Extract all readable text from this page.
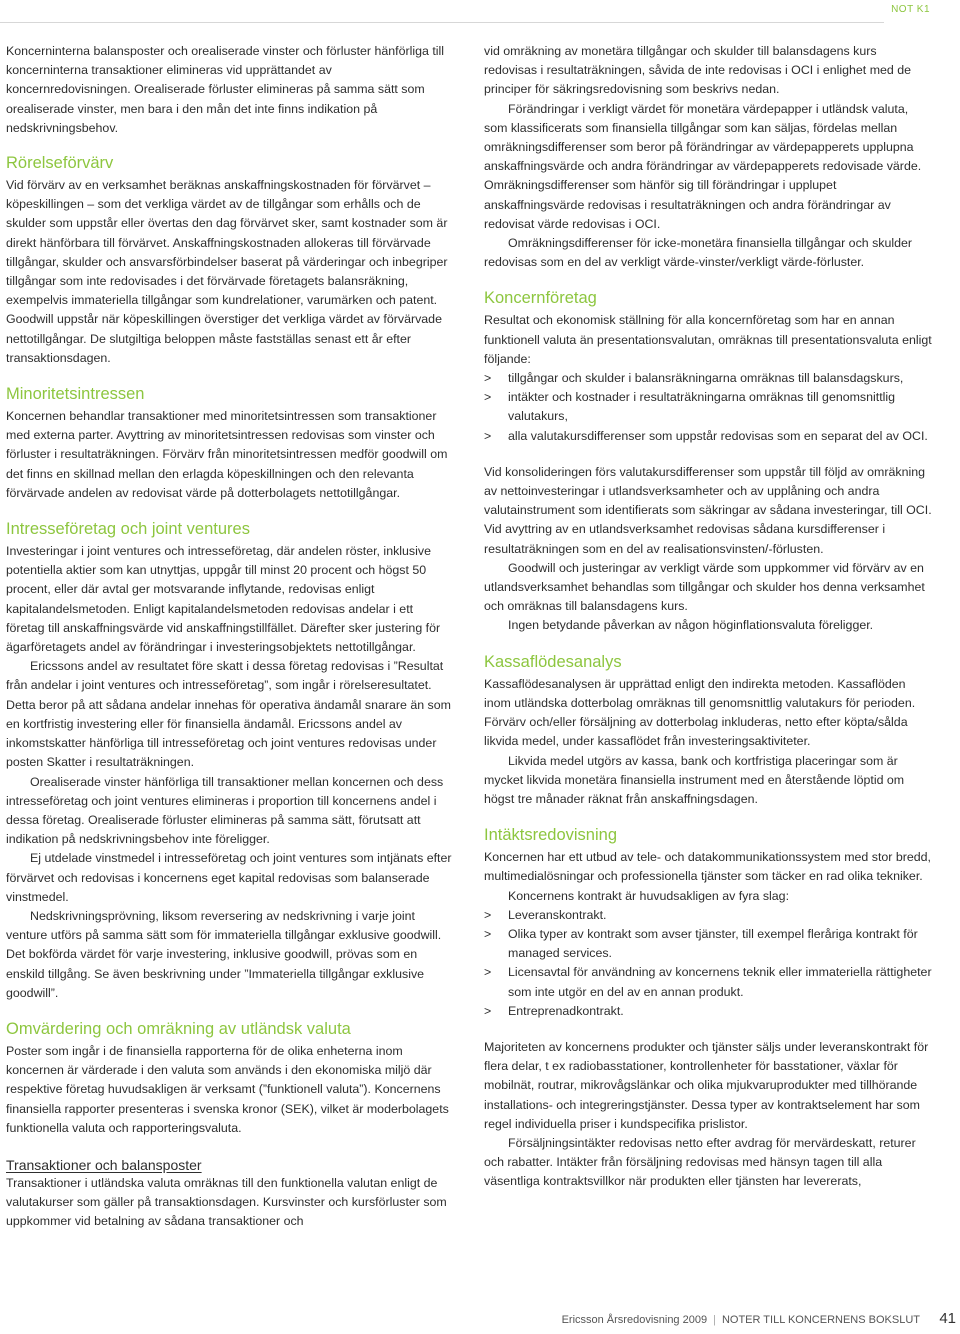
NOT K1

Koncerninterna balansposter och orealiserade vinster och förluster hänförliga till koncerninterna transaktioner elimineras vid upprättandet av koncernredovisningen. Orealiserade förluster elimineras på samma sätt som orealiserade vinster, men bara i den mån det inte finns indikation på nedskrivningsbehov.

Rörelseförvärv

Vid förvärv av en verksamhet beräknas anskaffningskostnaden för förvärvet – köpeskillingen – som det verkliga värdet av de tillgångar som erhålls och de skulder som uppstår eller övertas den dag förvärvet sker, samt kostnader som är direkt hänförbara till förvärvet. Anskaffningskostnaden allokeras till förvärvade tillgångar, skulder och ansvarsförbindelser baserat på värderingar och inbegriper tillgångar som inte redovisades i det förvärvade företagets balansräkning, exempelvis immateriella tillgångar som kundrelationer, varumärken och patent. Goodwill uppstår när köpeskillingen överstiger det verkliga värdet av förvärvade nettotillgångar. De slutgiltiga beloppen måste fastställas senast ett år efter transaktionsdagen.

Minoritetsintressen

Koncernen behandlar transaktioner med minoritetsintressen som transaktioner med externa parter. Avyttring av minoritetsintressen redovisas som vinster och förluster i resultaträkningen. Förvärv från minoritetsintressen medför goodwill om det finns en skillnad mellan den erlagda köpeskillningen och den relevanta förvärvade andelen av redovisat värde på dotterbolagets nettotillgångar.

Intresseföretag och joint ventures

Investeringar i joint ventures och intresseföretag, där andelen röster, inklusive potentiella aktier som kan utnyttjas, uppgår till minst 20 procent och högst 50 procent, eller där avtal ger motsvarande inflytande, redovisas enligt kapitalandelsmetoden. Enligt kapitalandelsmetoden redovisas andelar i ett företag till anskaffningsvärde vid anskaffningstillfället. Därefter sker justering för ägarföretagets andel av förändringar i investeringsobjektets nettotillgångar.

Ericssons andel av resultatet före skatt i dessa företag redovisas i ”Resultat från andelar i joint ventures och intresseföretag”, som ingår i rörelseresultatet. Detta beror på att sådana andelar innehas för operativa ändamål snarare än som en kortfristig investering eller för finansiella ändamål. Ericssons andel av inkomstskatter hänförliga till intresseföretag och joint ventures redovisas under posten Skatter i resultaträkningen.

Orealiserade vinster hänförliga till transaktioner mellan koncernen och dess intresseföretag och joint ventures elimineras i proportion till koncernens andel i dessa företag. Orealiserade förluster elimineras på samma sätt, förutsatt att indikation på nedskrivningsbehov inte föreligger.

Ej utdelade vinstmedel i intresseföretag och joint ventures som intjänats efter förvärvet och redovisas i koncernens eget kapital redovisas som balanserade vinstmedel.

Nedskrivningsprövning, liksom reversering av nedskrivning i varje joint venture utförs på samma sätt som för immateriella tillgångar exklusive goodwill. Det bokförda värdet för varje investering, inklusive goodwill, prövas som en enskild tillgång. Se även beskrivning under ”Immateriella tillgångar exklusive goodwill”.

Omvärdering och omräkning av utländsk valuta

Poster som ingår i de finansiella rapporterna för de olika enheterna inom koncernen är värderade i den valuta som används i den ekonomiska miljö där respektive företag huvudsakligen är verksamt (”funktionell valuta”). Koncernens finansiella rapporter presenteras i svenska kronor (SEK), vilket är moderbolagets funktionella valuta och rapporteringsvaluta.

Transaktioner och balansposter

Transaktioner i utländska valuta omräknas till den funktionella valutan enligt de valutakurser som gäller på transaktionsdagen. Kursvinster och kursförluster som uppkommer vid betalning av sådana transaktioner och

vid omräkning av monetära tillgångar och skulder till balansdagens kurs redovisas i resultaträkningen, såvida de inte redovisas i OCI i enlighet med de principer för säkringsredovisning som beskrivs nedan.

Förändringar i verkligt värdet för monetära värdepapper i utländsk valuta, som klassificerats som finansiella tillgångar som kan säljas, fördelas mellan omräkningsdifferenser som beror på förändringar av värdepapperets upplupna anskaffningsvärde och andra förändringar av värdepapperets redovisade värde. Omräkningsdifferenser som hänför sig till förändringar i upplupet anskaffningsvärde redovisas i resultaträkningen och andra förändringar av redovisat värde redovisas i OCI.

Omräkningsdifferenser för icke-monetära finansiella tillgångar och skulder redovisas som en del av verkligt värde-vinster/verkligt värde-förluster.

Koncernföretag

Resultat och ekonomisk ställning för alla koncernföretag som har en annan funktionell valuta än presentationsvalutan, omräknas till presentationsvaluta enligt följande:

> tillgångar och skulder i balansräkningarna omräknas till balansdagskurs,
> intäkter och kostnader i resultaträkningarna omräknas till genomsnittlig valutakurs,
> alla valutakursdifferenser som uppstår redovisas som en separat del av OCI.

Vid konsolideringen förs valutakursdifferenser som uppstår till följd av omräkning av nettoinvesteringar i utlandsverksamheter och av upplåning och andra valutainstrument som identifierats som säkringar av sådana investeringar, till OCI. Vid avyttring av en utlandsverksamhet redovisas sådana kursdifferenser i resultaträkningen som en del av realisationsvinsten/-förlusten.

Goodwill och justeringar av verkligt värde som uppkommer vid förvärv av en utlandsverksamhet behandlas som tillgångar och skulder hos denna verksamhet och omräknas till balansdagens kurs.

Ingen betydande påverkan av någon höginflationsvaluta föreligger.

Kassaflödesanalys

Kassaflödesanalysen är upprättad enligt den indirekta metoden. Kassaflöden inom utländska dotterbolag omräknas till genomsnittlig valutakurs för perioden. Förvärv och/eller försäljning av dotterbolag inkluderas, netto efter köpta/sålda likvida medel, under kassaflödet från investeringsaktiviteter.

Likvida medel utgörs av kassa, bank och kortfristiga placeringar som är mycket likvida monetära finansiella instrument med en återstående löptid om högst tre månader räknat från anskaffningsdagen.

Intäktsredovisning

Koncernen har ett utbud av tele- och datakommunikationssystem med stor bredd, multimedialösningar och professionella tjänster som täcker en rad olika tekniker.

Koncernens kontrakt är huvudsakligen av fyra slag:

> Leveranskontrakt.
> Olika typer av kontrakt som avser tjänster, till exempel fleråriga kontrakt för managed services.
> Licensavtal för användning av koncernens teknik eller immateriella rättigheter som inte utgör en del av en annan produkt.
> Entreprenadkontrakt.

Majoriteten av koncernens produkter och tjänster säljs under leveranskontrakt för flera delar, t ex radiobasstationer, kontrollenheter för basstationer, växlar för mobilnät, routrar, mikrovågslänkar och olika mjukvaruprodukter med tillhörande installations- och integreringstjänster. Dessa typer av kontraktselement har som regel individuella priser i kundspecifika prislistor.

Försäljningsintäkter redovisas netto efter avdrag för mervärdeskatt, returer och rabatter. Intäkter från försäljning redovisas med hänsyn tagen till alla väsentliga kontraktsvillkor när produkten eller tjänsten har levererats,

Ericsson Årsredovisning 2009 | NOTER TILL KONCERNENS BOKSLUT 41
